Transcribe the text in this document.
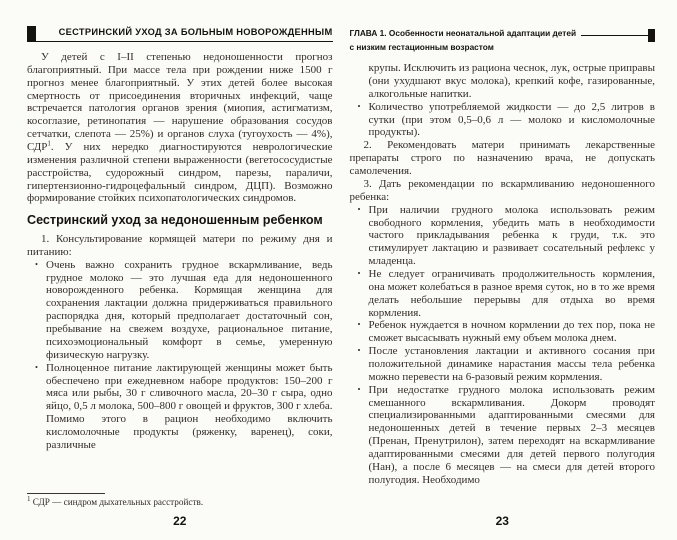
СЕСТРИНСКИЙ УХОД ЗА БОЛЬНЫМ НОВОРОЖДЕННЫМ

У детей с I–II степенью недоношенности прогноз благоприятный. При массе тела при рождении ниже 1500 г прогноз менее благоприятный. У этих детей более высокая смертность от присоединения вторичных инфекций, чаще встречается патология органов зрения (миопия, астигматизм, косоглазие, ретинопатия — нарушение образования сосудов сетчатки, слепота — 25%) и органов слуха (тугоухость — 4%), СДР$^1$. У них нередко диагностируются неврологические изменения различной степени выраженности (вегетососудистые расстройства, судорожный синдром, парезы, параличи, гипертензионно-гидроцефальный синдром, ДЦП). Возможно формирование стойких психопатологических синдромов.

Сестринский уход за недоношенным ребенком

1. Консультирование кормящей матери по режиму дня и питанию:

• Очень важно сохранить грудное вскармливание, ведь грудное молоко — это лучшая еда для недоношенного новорожденного ребенка. Кормящая женщина для сохранения лактации должна придерживаться правильного распорядка дня, который предполагает достаточный сон, пребывание на свежем воздухе, рациональное питание, психоэмоциональный комфорт в семье, умеренную физическую нагрузку.
• Полноценное питание лактирующей женщины может быть обеспечено при ежедневном наборе продуктов: 150–200 г мяса или рыбы, 30 г сливочного масла, 20–30 г сыра, одно яйцо, 0,5 л молока, 500–800 г овощей и фруктов, 300 г хлеба. Помимо этого в рацион необходимо включить кисломолочные продукты (ряженку, варенец), соки, различные
$^1$ СДР — синдром дыхательных расстройств.
22
ГЛАВА 1. Особенности неонатальной адаптации детей
с низким гестационным возрастом
крупы. Исключить из рациона чеснок, лук, острые приправы (они ухудшают вкус молока), крепкий кофе, газированные, алкогольные напитки.
• Количество употребляемой жидкости — до 2,5 литров в сутки (при этом 0,5–0,6 л — молоко и кисломолочные продукты).

2. Рекомендовать матери принимать лекарственные препараты строго по назначению врача, не допускать самолечения.

3. Дать рекомендации по вскармливанию недоношенного ребенка:

• При наличии грудного молока использовать режим свободного кормления, убедить мать в необходимости частого прикладывания ребенка к груди, т.к. это стимулирует лактацию и развивает сосательный рефлекс у младенца.
• Не следует ограничивать продолжительность кормления, она может колебаться в разное время суток, но в то же время делать небольшие перерывы для отдыха во время кормления.
• Ребенок нуждается в ночном кормлении до тех пор, пока не сможет высасывать нужный ему объем молока днем.
• После установления лактации и активного сосания при положительной динамике нарастания массы тела ребенка можно перевести на 6-разовый режим кормления.
• При недостатке грудного молока использовать режим смешанного вскармливания. Докорм проводят специализированными адаптированными смесями для недоношенных детей в течение первых 2–3 месяцев (Пренан, Пренутрилон), затем переходят на вскармливание адаптированными смесями для детей первого полугодия (Нан), а после 6 месяцев — на смеси для детей второго полугодия. Необходимо
23
